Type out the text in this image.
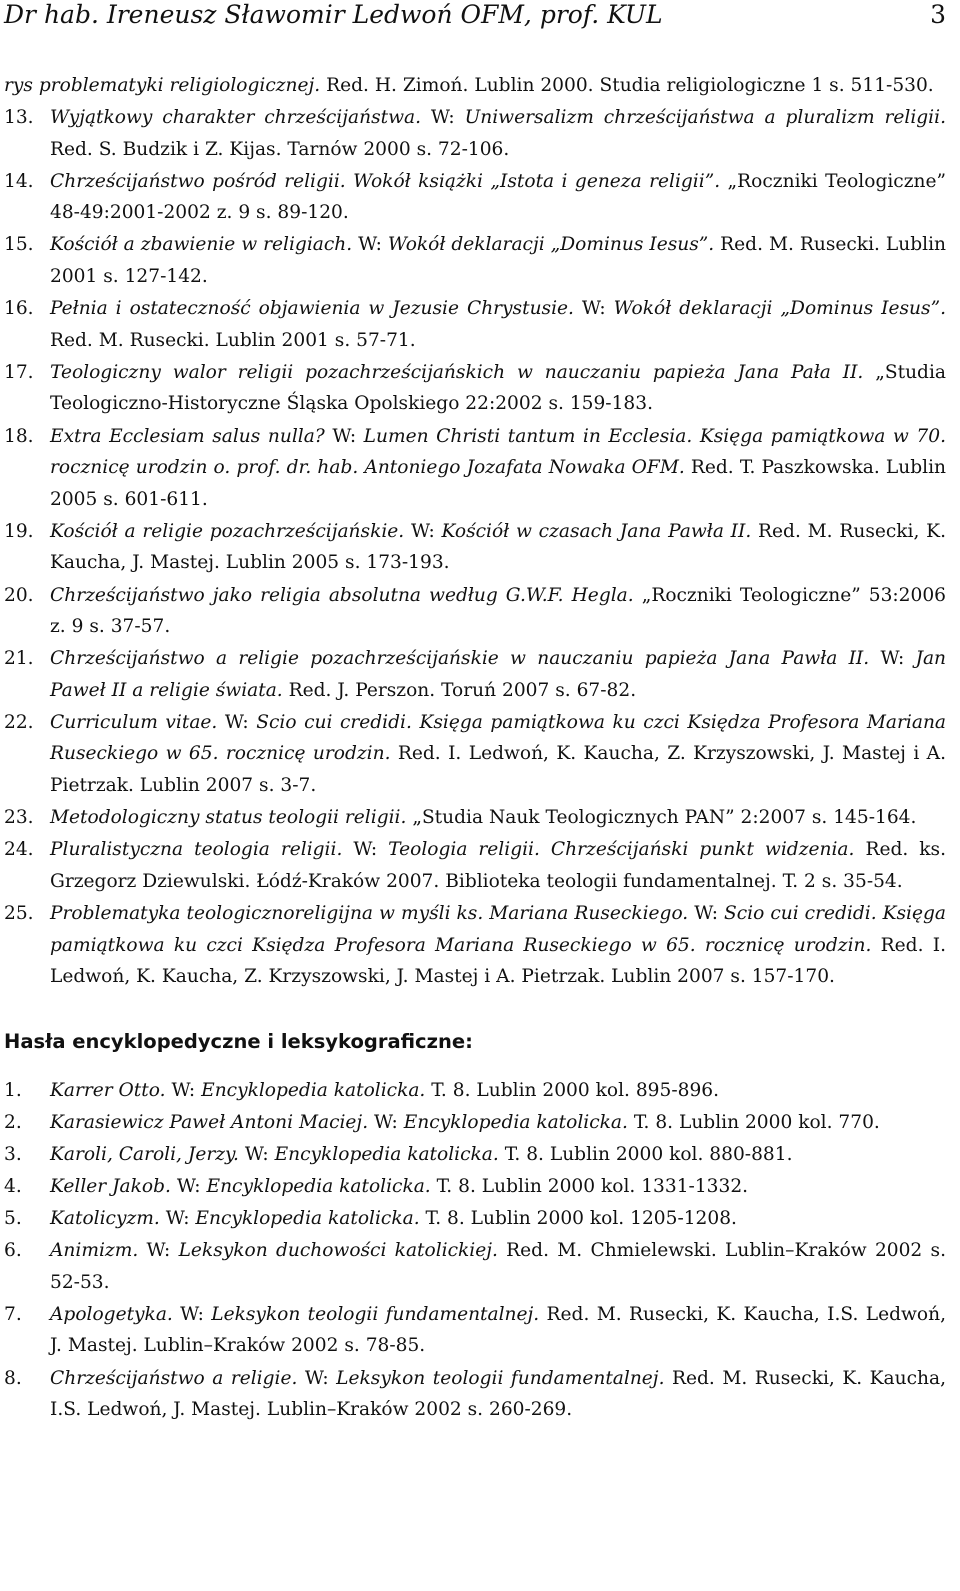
Dr hab. Ireneusz Sławomir Ledwoń OFM, prof. KUL	3
rys problematyki religiologicznej. Red. H. Zimoń. Lublin 2000. Studia religiologiczne 1 s. 511-530.
13. Wyjątkowy charakter chrześcijaństwa. W: Uniwersalizm chrześcijaństwa a pluralizm religii. Red. S. Budzik i Z. Kijas. Tarnów 2000 s. 72-106.
14. Chrześcijaństwo pośród religii. Wokół książki „Istota i geneza religii”. „Roczniki Teologiczne” 48-49:2001-2002 z. 9 s. 89-120.
15. Kościół a zbawienie w religiach. W: Wokół deklaracji „Dominus Iesus”. Red. M. Rusecki. Lublin 2001 s. 127-142.
16. Pełnia i ostateczność objawienia w Jezusie Chrystusie. W: Wokół deklaracji „Dominus Iesus”. Red. M. Rusecki. Lublin 2001 s. 57-71.
17. Teologiczny walor religii pozachrześcijańskich w nauczaniu papieża Jana Pała II. „Studia Teologiczno-Historyczne Śląska Opolskiego 22:2002 s. 159-183.
18. Extra Ecclesiam salus nulla? W: Lumen Christi tantum in Ecclesia. Księga pamiątkowa w 70. rocznicę urodzin o. prof. dr. hab. Antoniego Jozafata Nowaka OFM. Red. T. Paszkowska. Lublin 2005 s. 601-611.
19. Kościół a religie pozachrześcijańskie. W: Kościół w czasach Jana Pawła II. Red. M. Rusecki, K. Kaucha, J. Mastej. Lublin 2005 s. 173-193.
20. Chrześcijaństwo jako religia absolutna według G.W.F. Hegla. „Roczniki Teologiczne” 53:2006 z. 9 s. 37-57.
21. Chrześcijaństwo a religie pozachrześcijańskie w nauczaniu papieża Jana Pawła II. W: Jan Paweł II a religie świata. Red. J. Perszon. Toruń 2007 s. 67-82.
22. Curriculum vitae. W: Scio cui credidi. Księga pamiątkowa ku czci Księdza Profesora Mariana Ruseckiego w 65. rocznicę urodzin. Red. I. Ledwoń, K. Kaucha, Z. Krzyszowski, J. Mastej i A. Pietrzak. Lublin 2007 s. 3-7.
23. Metodologiczny status teologii religii. „Studia Nauk Teologicznych PAN” 2:2007 s. 145-164.
24. Pluralistyczna teologia religii. W: Teologia religii. Chrześcijański punkt widzenia. Red. ks. Grzegorz Dziewulski. Łódź-Kraków 2007. Biblioteka teologii fundamentalnej. T. 2 s. 35-54.
25. Problematyka teologicznoreligijna w myśli ks. Mariana Ruseckiego. W: Scio cui credidi. Księga pamiątkowa ku czci Księdza Profesora Mariana Ruseckiego w 65. rocznicę urodzin. Red. I. Ledwoń, K. Kaucha, Z. Krzyszowski, J. Mastej i A. Pietrzak. Lublin 2007 s. 157-170.
Hasła encyklopedyczne i leksykograficzne:
1.	Karrer Otto. W: Encyklopedia katolicka. T. 8. Lublin 2000 kol. 895-896.
2.	Karasiewicz Paweł Antoni Maciej. W: Encyklopedia katolicka. T. 8. Lublin 2000 kol. 770.
3.	Karoli, Caroli, Jerzy. W: Encyklopedia katolicka. T. 8. Lublin 2000 kol. 880-881.
4.	Keller Jakob. W: Encyklopedia katolicka. T. 8. Lublin 2000 kol. 1331-1332.
5.	Katolicyzm. W: Encyklopedia katolicka. T. 8. Lublin 2000 kol. 1205-1208.
6.	Animizm. W: Leksykon duchowości katolickiej. Red. M. Chmielewski. Lublin–Kraków 2002 s. 52-53.
7.	Apologetyka. W: Leksykon teologii fundamentalnej. Red. M. Rusecki, K. Kaucha, I.S. Ledwoń, J. Mastej. Lublin–Kraków 2002 s. 78-85.
8.	Chrześcijaństwo a religie. W: Leksykon teologii fundamentalnej. Red. M. Rusecki, K. Kaucha, I.S. Ledwoń, J. Mastej. Lublin–Kraków 2002 s. 260-269.
